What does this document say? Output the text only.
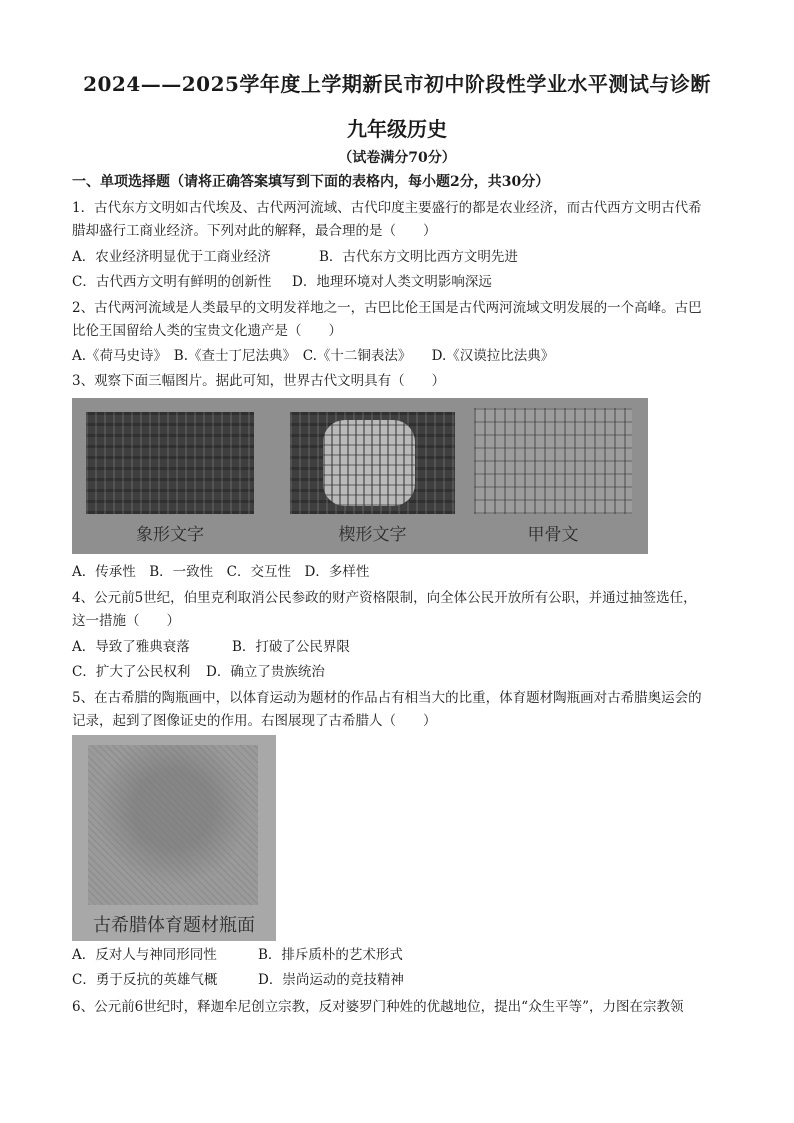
2024——2025学年度上学期新民市初中阶段性学业水平测试与诊断
九年级历史
（试卷满分70分）
一、单项选择题（请将正确答案填写到下面的表格内，每小题2分，共30分）
1．古代东方文明如古代埃及、古代两河流域、古代印度主要盛行的都是农业经济，而古代西方文明古代希
腊却盛行工商业经济。下列对此的解释，最合理的是（　　）
A．农业经济明显优于工商业经济	B．古代东方文明比西方文明先进
C．古代西方文明有鲜明的创新性 D．地理环境对人类文明影响深远
2、古代两河流域是人类最早的文明发祥地之一，古巴比伦王国是古代两河流域文明发展的一个高峰。古巴
比伦王国留给人类的宝贵文化遗产是（　　）
A.《荷马史诗》　B.《查士丁尼法典》　C.《十二铜表法》　　D.《汉谟拉比法典》
3、观察下面三幅图片。据此可知，世界古代文明具有（　　）
象形文字	楔形文字	甲骨文
A．传承性　B．一致性　C．交互性　D．多样性
4、公元前5世纪，伯里克利取消公民参政的财产资格限制，向全体公民开放所有公职，并通过抽签选任，
这一措施（　　）
A．导致了雅典衰落	B．打破了公民界限
C．扩大了公民权利 D．确立了贵族统治
5、在古希腊的陶瓶画中，以体育运动为题材的作品占有相当大的比重，体育题材陶瓶画对古希腊奥运会的
记录，起到了图像证史的作用。右图展现了古希腊人（　　）
古希腊体育题材瓶面
A．反对人与神同形同性	B．排斥质朴的艺术形式
C．勇于反抗的英雄气概	D．崇尚运动的竞技精神
6、公元前6世纪时，释迦牟尼创立宗教，反对婆罗门种姓的优越地位，提出“众生平等”，力图在宗教领
